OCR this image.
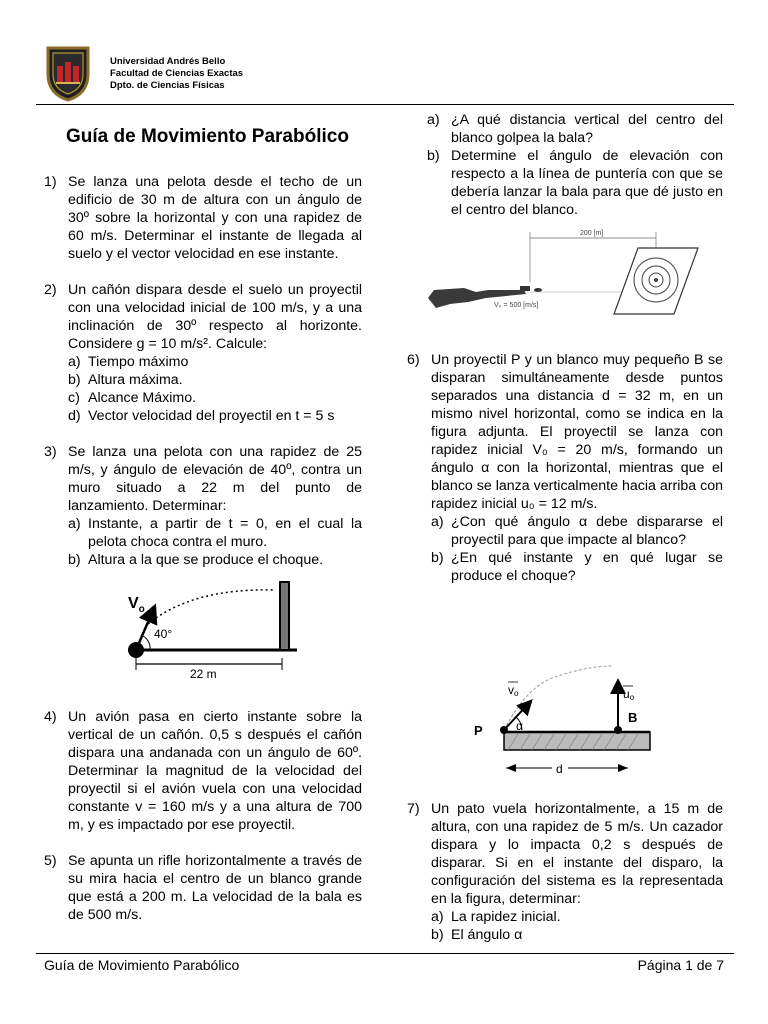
Universidad Andrés Bello
Facultad de Ciencias Exactas
Dpto. de Ciencias Físicas
Guía de Movimiento Parabólico
1) Se lanza una pelota desde el techo de un edificio de 30 m de altura con un ángulo de 30º sobre la horizontal y con una rapidez de 60 m/s. Determinar el instante de llegada al suelo y el vector velocidad en ese instante.
2) Un cañón dispara desde el suelo un proyectil con una velocidad inicial de 100 m/s, y a una inclinación de 30º respecto al horizonte. Considere g = 10 m/s². Calcule:
a) Tiempo máximo
b) Altura máxima.
c) Alcance Máximo.
d) Vector velocidad del proyectil en t = 5 s
3) Se lanza una pelota con una rapidez de 25 m/s, y ángulo de elevación de 40º, contra un muro situado a 22 m del punto de lanzamiento. Determinar:
a) Instante, a partir de t = 0, en el cual la pelota choca contra el muro.
b) Altura a la que se produce el choque.
$V_o$
40°
22 m
4) Un avión pasa en cierto instante sobre la vertical de un cañón. 0,5 s después el cañón dispara una andanada con un ángulo de 60º. Determinar la magnitud de la velocidad del proyectil si el avión vuela con una velocidad constante v = 160 m/s y a una altura de 700 m, y es impactado por ese proyectil.
5) Se apunta un rifle horizontalmente a través de su mira hacia el centro de un blanco grande que está a 200 m. La velocidad de la bala es de 500 m/s.
a) ¿A qué distancia vertical del centro del blanco golpea la bala?
b) Determine el ángulo de elevación con respecto a la línea de puntería con que se debería lanzar la bala para que dé justo en el centro del blanco.
200 [m]
V₀ = 500 [m/s]
6) Un proyectil P y un blanco muy pequeño B se disparan simultáneamente desde puntos separados una distancia d = 32 m, en un mismo nivel horizontal, como se indica en la figura adjunta. El proyectil se lanza con rapidez inicial V₀ = 20 m/s, formando un ángulo α con la horizontal, mientras que el blanco se lanza verticalmente hacia arriba con rapidez inicial u₀ = 12 m/s.
a) ¿Con qué ángulo α debe dispararse el proyectil para que impacte al blanco?
b) ¿En qué instante y en qué lugar se produce el choque?
P
B
α
vo	uo
d
7) Un pato vuela horizontalmente, a 15 m de altura, con una rapidez de 5 m/s. Un cazador dispara y lo impacta 0,2 s después de disparar. Si en el instante del disparo, la configuración del sistema es la representada en la figura, determinar:
a) La rapidez inicial.
b) El ángulo α
Guía de Movimiento Parabólico	Página 1 de 7
